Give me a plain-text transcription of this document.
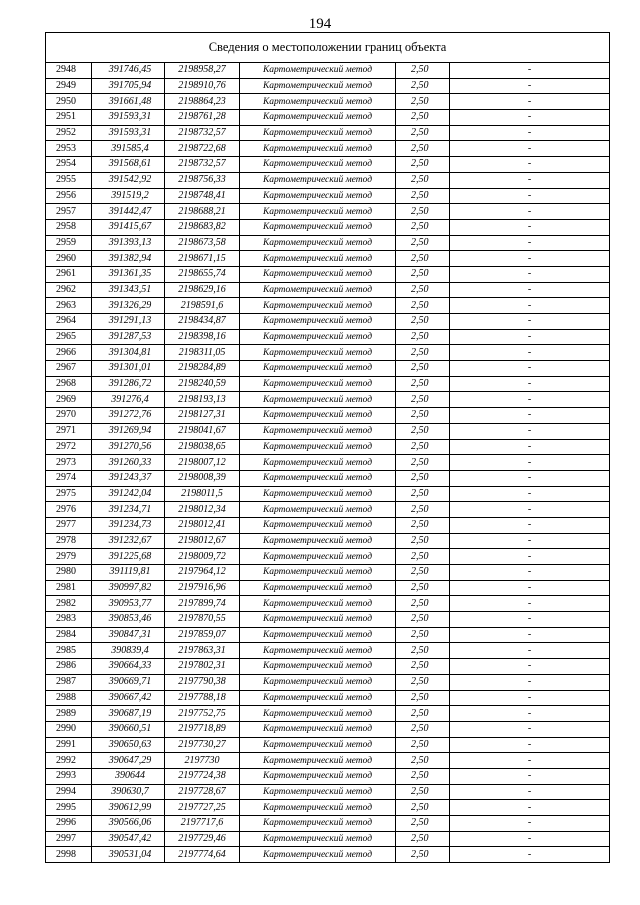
194
Сведения о местоположении границ объекта					
2948	391746,45	2198958,27	Картометрический метод	2,50	-
2949	391705,94	2198910,76	Картометрический метод	2,50	-
2950	391661,48	2198864,23	Картометрический метод	2,50	-
2951	391593,31	2198761,28	Картометрический метод	2,50	-
2952	391593,31	2198732,57	Картометрический метод	2,50	-
2953	391585,4	2198722,68	Картометрический метод	2,50	-
2954	391568,61	2198732,57	Картометрический метод	2,50	-
2955	391542,92	2198756,33	Картометрический метод	2,50	-
2956	391519,2	2198748,41	Картометрический метод	2,50	-
2957	391442,47	2198688,21	Картометрический метод	2,50	-
2958	391415,67	2198683,82	Картометрический метод	2,50	-
2959	391393,13	2198673,58	Картометрический метод	2,50	-
2960	391382,94	2198671,15	Картометрический метод	2,50	-
2961	391361,35	2198655,74	Картометрический метод	2,50	-
2962	391343,51	2198629,16	Картометрический метод	2,50	-
2963	391326,29	2198591,6	Картометрический метод	2,50	-
2964	391291,13	2198434,87	Картометрический метод	2,50	-
2965	391287,53	2198398,16	Картометрический метод	2,50	-
2966	391304,81	2198311,05	Картометрический метод	2,50	-
2967	391301,01	2198284,89	Картометрический метод	2,50	-
2968	391286,72	2198240,59	Картометрический метод	2,50	-
2969	391276,4	2198193,13	Картометрический метод	2,50	-
2970	391272,76	2198127,31	Картометрический метод	2,50	-
2971	391269,94	2198041,67	Картометрический метод	2,50	-
2972	391270,56	2198038,65	Картометрический метод	2,50	-
2973	391260,33	2198007,12	Картометрический метод	2,50	-
2974	391243,37	2198008,39	Картометрический метод	2,50	-
2975	391242,04	2198011,5	Картометрический метод	2,50	-
2976	391234,71	2198012,34	Картометрический метод	2,50	-
2977	391234,73	2198012,41	Картометрический метод	2,50	-
2978	391232,67	2198012,67	Картометрический метод	2,50	-
2979	391225,68	2198009,72	Картометрический метод	2,50	-
2980	391119,81	2197964,12	Картометрический метод	2,50	-
2981	390997,82	2197916,96	Картометрический метод	2,50	-
2982	390953,77	2197899,74	Картометрический метод	2,50	-
2983	390853,46	2197870,55	Картометрический метод	2,50	-
2984	390847,31	2197859,07	Картометрический метод	2,50	-
2985	390839,4	2197863,31	Картометрический метод	2,50	-
2986	390664,33	2197802,31	Картометрический метод	2,50	-
2987	390669,71	2197790,38	Картометрический метод	2,50	-
2988	390667,42	2197788,18	Картометрический метод	2,50	-
2989	390687,19	2197752,75	Картометрический метод	2,50	-
2990	390660,51	2197718,89	Картометрический метод	2,50	-
2991	390650,63	2197730,27	Картометрический метод	2,50	-
2992	390647,29	2197730	Картометрический метод	2,50	-
2993	390644	2197724,38	Картометрический метод	2,50	-
2994	390630,7	2197728,67	Картометрический метод	2,50	-
2995	390612,99	2197727,25	Картометрический метод	2,50	-
2996	390566,06	2197717,6	Картометрический метод	2,50	-
2997	390547,42	2197729,46	Картометрический метод	2,50	-
2998	390531,04	2197774,64	Картометрический метод	2,50	-
